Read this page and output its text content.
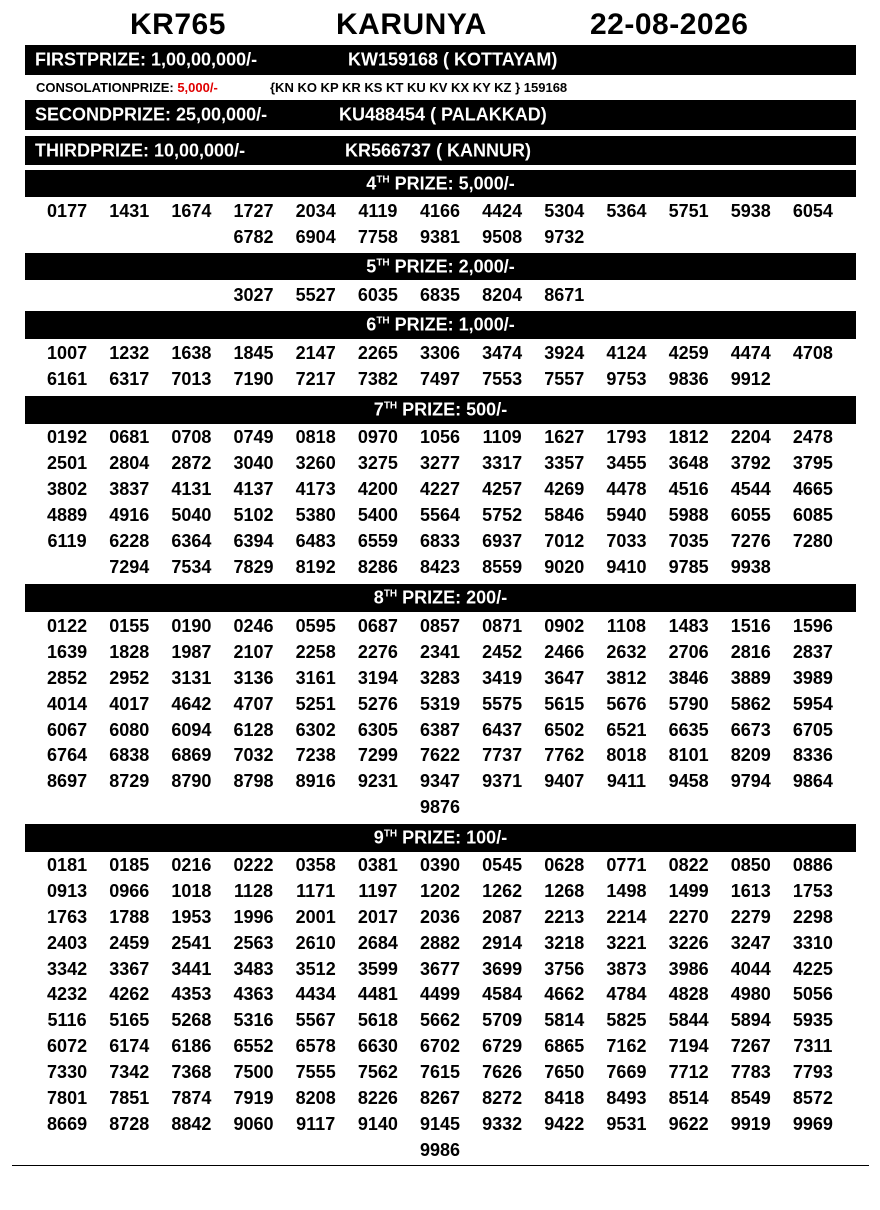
KR765	KARUNYA	22-08-2026
FIRSTPRIZE: 1,00,00,000/-	KW159168 ( KOTTAYAM)
CONSOLATIONPRIZE: 5,000/-	{KN KO KP KR KS KT KU KV KX KY KZ } 159168
SECONDPRIZE: 25,00,000/-	KU488454 ( PALAKKAD)
THIRDPRIZE: 10,00,000/-	KR566737 ( KANNUR)
4TH PRIZE: 5,000/-
0177 1431 1674 1727 2034 4119 4166 4424 5304 5364 5751 5938 6054
6782 6904 7758 9381 9508 9732
5TH PRIZE: 2,000/-
3027 5527 6035 6835 8204 8671
6TH PRIZE: 1,000/-
1007 1232 1638 1845 2147 2265 3306 3474 3924 4124 4259 4474 4708
6161 6317 7013 7190 7217 7382 7497 7553 7557 9753 9836 9912
7TH PRIZE: 500/-
0192 0681 0708 0749 0818 0970 1056 1109 1627 1793 1812 2204 2478
2501 2804 2872 3040 3260 3275 3277 3317 3357 3455 3648 3792 3795
3802 3837 4131 4137 4173 4200 4227 4257 4269 4478 4516 4544 4665
4889 4916 5040 5102 5380 5400 5564 5752 5846 5940 5988 6055 6085
6119 6228 6364 6394 6483 6559 6833 6937 7012 7033 7035 7276 7280
7294 7534 7829 8192 8286 8423 8559 9020 9410 9785 9938
8TH PRIZE: 200/-
0122 0155 0190 0246 0595 0687 0857 0871 0902 1108 1483 1516 1596
1639 1828 1987 2107 2258 2276 2341 2452 2466 2632 2706 2816 2837
2852 2952 3131 3136 3161 3194 3283 3419 3647 3812 3846 3889 3989
4014 4017 4642 4707 5251 5276 5319 5575 5615 5676 5790 5862 5954
6067 6080 6094 6128 6302 6305 6387 6437 6502 6521 6635 6673 6705
6764 6838 6869 7032 7238 7299 7622 7737 7762 8018 8101 8209 8336
8697 8729 8790 8798 8916 9231 9347 9371 9407 9411 9458 9794 9864
9876
9TH PRIZE: 100/-
0181 0185 0216 0222 0358 0381 0390 0545 0628 0771 0822 0850 0886
0913 0966 1018 1128 1171 1197 1202 1262 1268 1498 1499 1613 1753
1763 1788 1953 1996 2001 2017 2036 2087 2213 2214 2270 2279 2298
2403 2459 2541 2563 2610 2684 2882 2914 3218 3221 3226 3247 3310
3342 3367 3441 3483 3512 3599 3677 3699 3756 3873 3986 4044 4225
4232 4262 4353 4363 4434 4481 4499 4584 4662 4784 4828 4980 5056
5116 5165 5268 5316 5567 5618 5662 5709 5814 5825 5844 5894 5935
6072 6174 6186 6552 6578 6630 6702 6729 6865 7162 7194 7267 7311
7330 7342 7368 7500 7555 7562 7615 7626 7650 7669 7712 7783 7793
7801 7851 7874 7919 8208 8226 8267 8272 8418 8493 8514 8549 8572
8669 8728 8842 9060 9117 9140 9145 9332 9422 9531 9622 9919 9969
9986
